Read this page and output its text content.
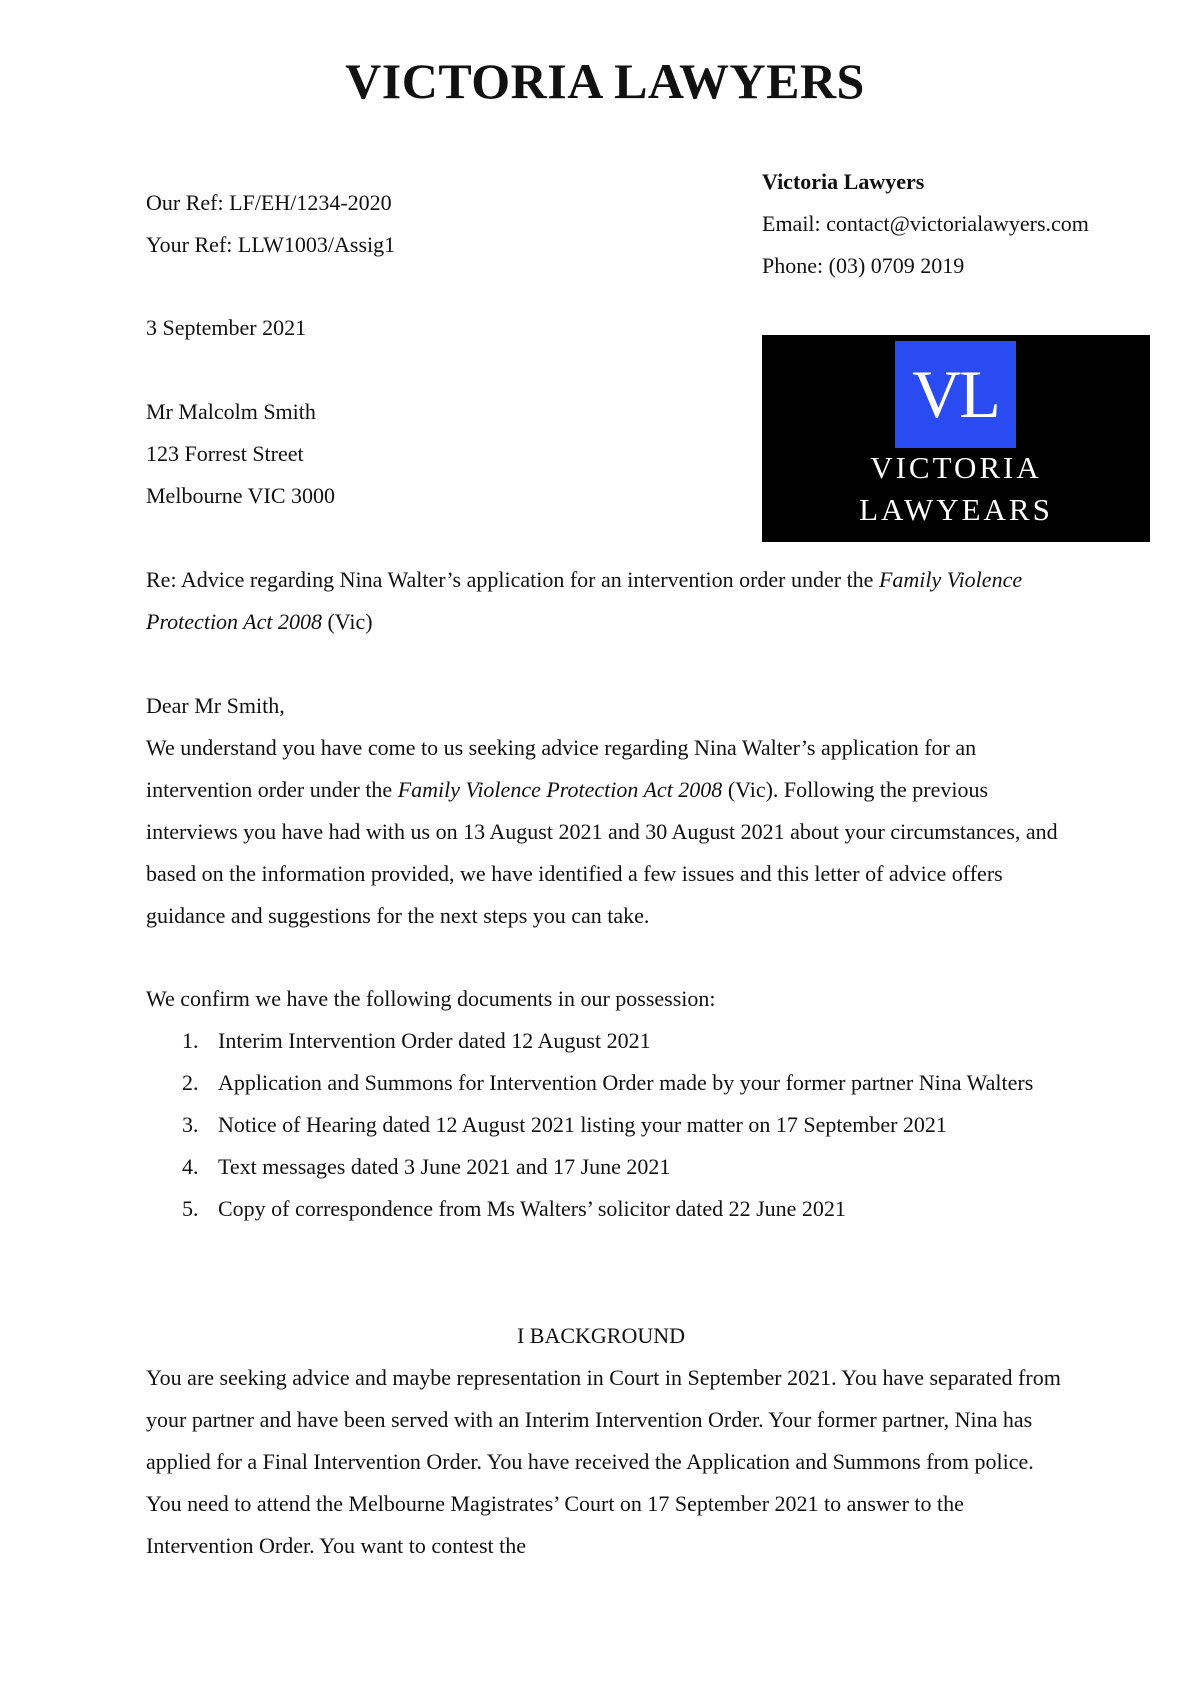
VICTORIA LAWYERS

Our Ref: LF/EH/1234-2020

Your Ref: LLW1003/Assig1

Victoria Lawyers

Email: contact@victorialawyers.com

Phone: (03) 0709 2019

3 September 2021

Mr Malcolm Smith

123 Forrest Street

Melbourne VIC 3000

VL
VICTORIA
LAWYEARS
Re: Advice regarding Nina Walter’s application for an intervention order under the Family Violence Protection Act 2008 (Vic)

Dear Mr Smith,

We understand you have come to us seeking advice regarding Nina Walter’s application for an intervention order under the Family Violence Protection Act 2008 (Vic). Following the previous interviews you have had with us on 13 August 2021 and 30 August 2021 about your circumstances, and based on the information provided, we have identified a few issues and this letter of advice offers guidance and suggestions for the next steps you can take.

We confirm we have the following documents in our possession:

1. Interim Intervention Order dated 12 August 2021
2. Application and Summons for Intervention Order made by your former partner Nina Walters
3. Notice of Hearing dated 12 August 2021 listing your matter on 17 September 2021
4. Text messages dated 3 June 2021 and 17 June 2021
5. Copy of correspondence from Ms Walters’ solicitor dated 22 June 2021
I BACKGROUND
You are seeking advice and maybe representation in Court in September 2021. You have separated from your partner and have been served with an Interim Intervention Order. Your former partner, Nina has applied for a Final Intervention Order. You have received the Application and Summons from police. You need to attend the Melbourne Magistrates’ Court on 17 September 2021 to answer to the Intervention Order. You want to contest the
